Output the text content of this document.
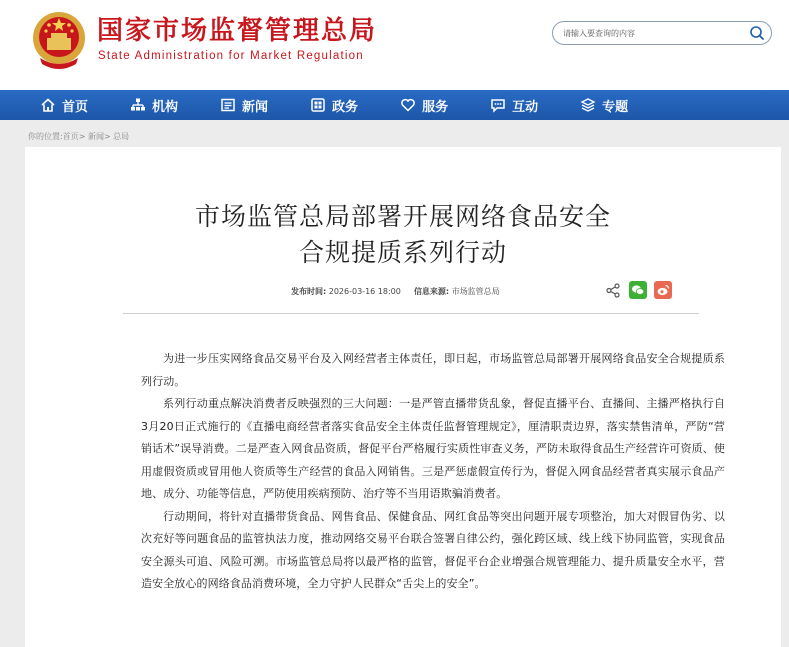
国家市场监督管理总局
State Administration for Market Regulation
请输入要查询的内容
首页	机构	新闻	政务	服务	互动	专题
你的位置:首页> 新闻> 总局
市场监管总局部署开展网络食品安全
合规提质系列行动
发布时间: 2026-03-16 18:00 信息来源: 市场监管总局

为进一步压实网络食品交易平台及入网经营者主体责任，即日起，市场监管总局部署开展网络食品安全合规提质系列行动。

系列行动重点解决消费者反映强烈的三大问题：一是严管直播带货乱象，督促直播平台、直播间、主播严格执行自3月20日正式施行的《直播电商经营者落实食品安全主体责任监督管理规定》，厘清职责边界，落实禁售清单，严防“营销话术”误导消费。二是严查入网食品资质，督促平台严格履行实质性审查义务，严防未取得食品生产经营许可资质、使用虚假资质或冒用他人资质等生产经营的食品入网销售。三是严惩虚假宣传行为，督促入网食品经营者真实展示食品产地、成分、功能等信息，严防使用疾病预防、治疗等不当用语欺骗消费者。

行动期间，将针对直播带货食品、网售食品、保健食品、网红食品等突出问题开展专项整治，加大对假冒伪劣、以次充好等问题食品的监管执法力度，推动网络交易平台联合签署自律公约，强化跨区域、线上线下协同监管，实现食品安全源头可追、风险可溯。市场监管总局将以最严格的监管，督促平台企业增强合规管理能力、提升质量安全水平，营造安全放心的网络食品消费环境，全力守护人民群众“舌尖上的安全”。
